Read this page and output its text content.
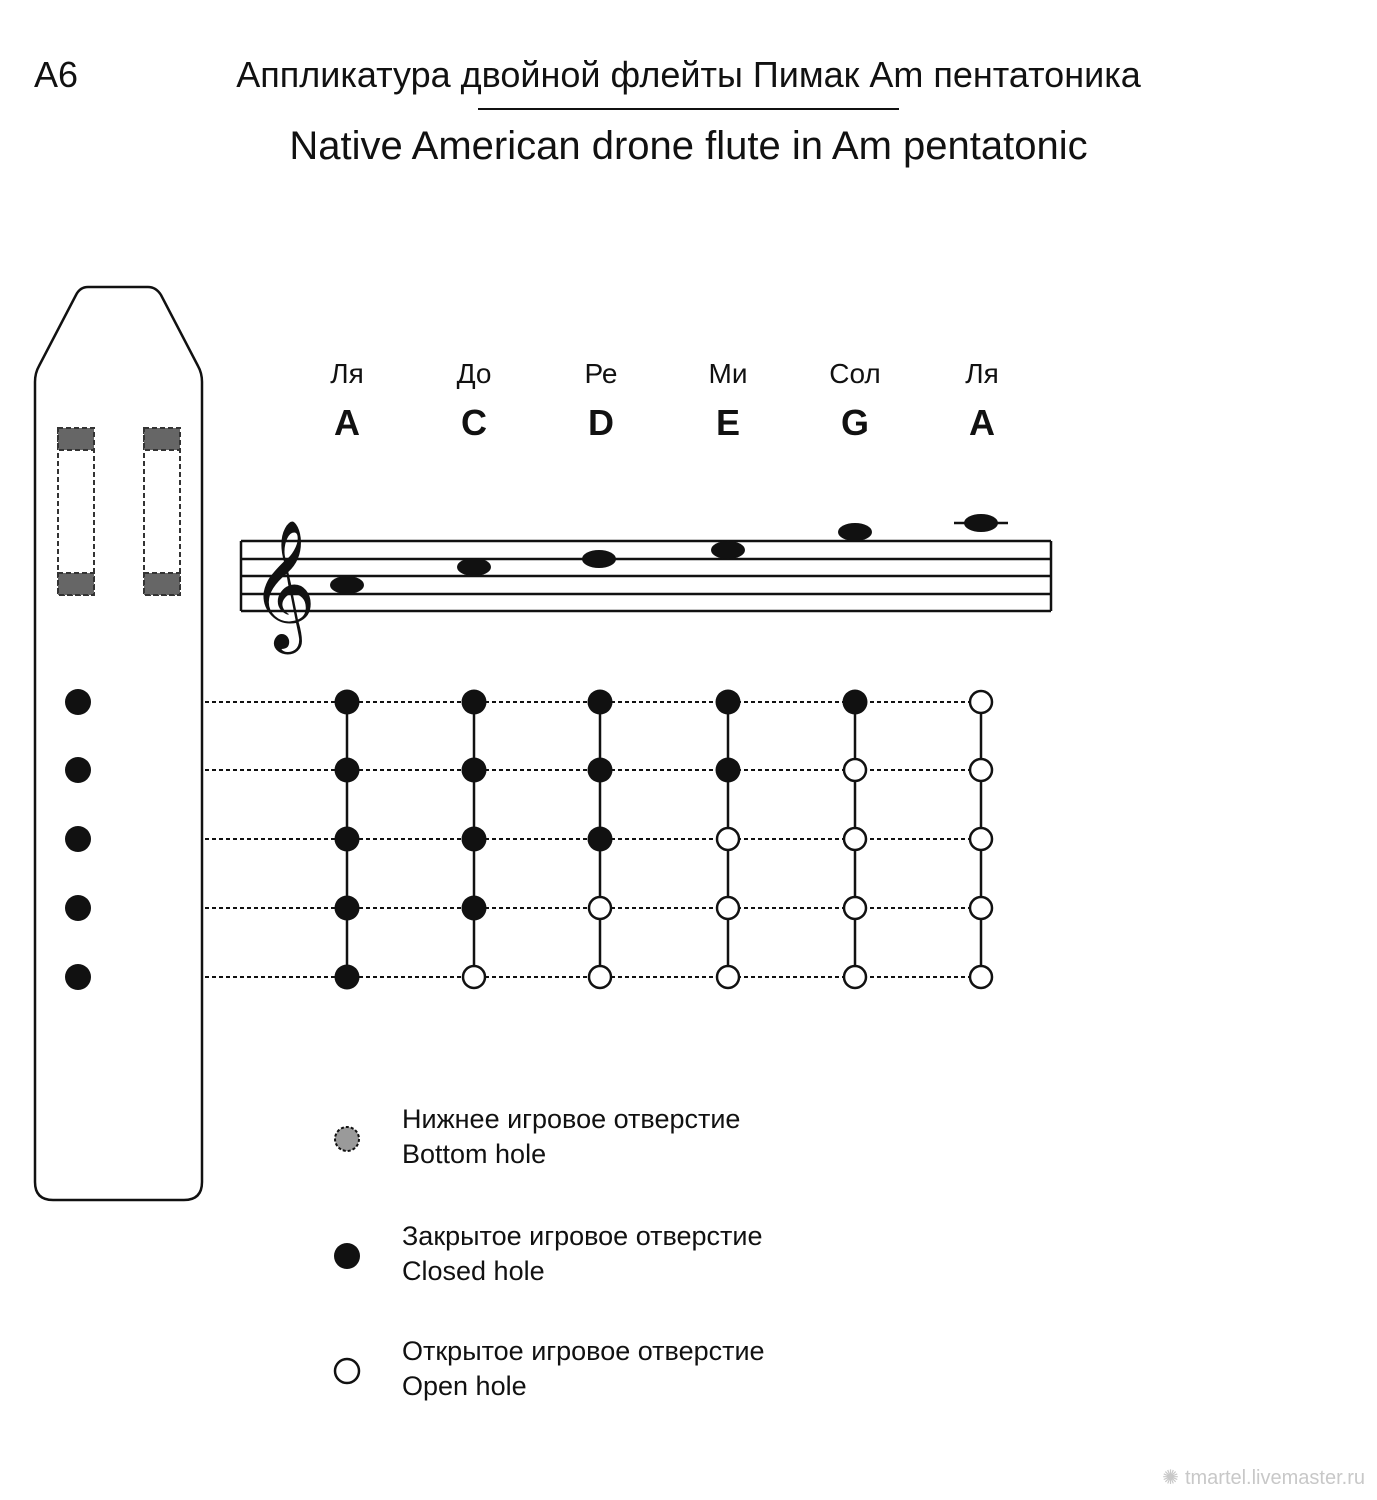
A6	Аппликатура двойной флейты Пимак Am пентатоника
Native American drone flute in Am pentatonic
Ля	До	Ре	Ми	Сол	Ля
A	C	D	E	G	A
𝄞
Нижнее игровое отверстие
Bottom hole
Закрытое игровое отверстие
Closed hole
Открытое игровое отверстие
Open hole
✺ tmartel.livemaster.ru
